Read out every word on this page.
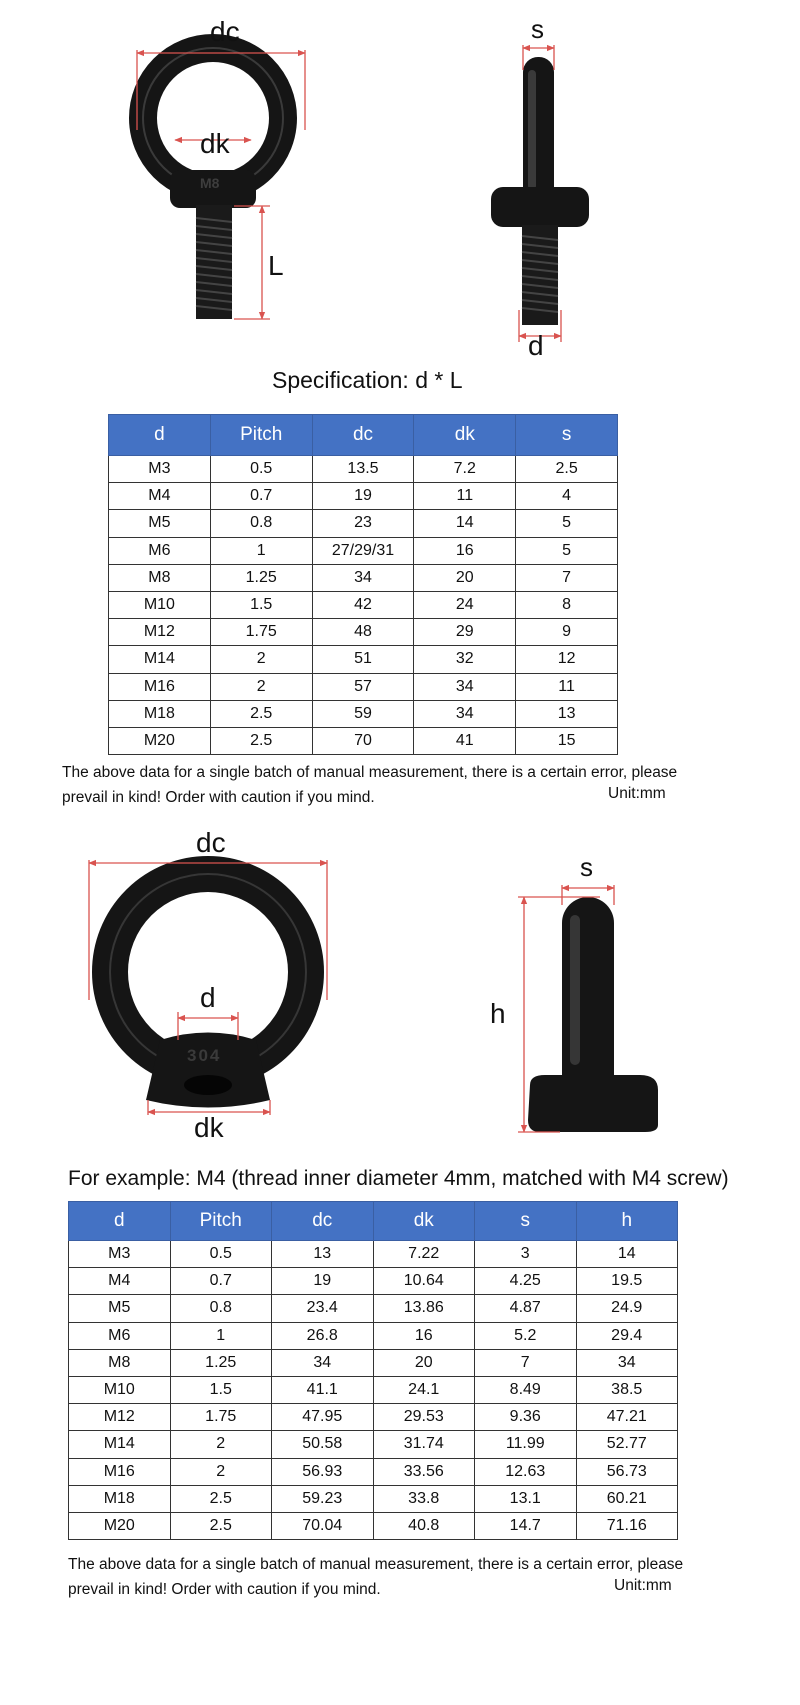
dc
dk
L
s
d
M8
Specification: d * L
d	Pitch	dc	dk	s
M3	0.5	13.5	7.2	2.5
M4	0.7	19	11	4
M5	0.8	23	14	5
M6	1	27/29/31	16	5
M8	1.25	34	20	7
M10	1.5	42	24	8
M12	1.75	48	29	9
M14	2	51	32	12
M16	2	57	34	11
M18	2.5	59	34	13
M20	2.5	70	41	15
The above data for a single batch of manual measurement, there is a certain error, please
prevail in kind! Order with caution if you mind.	Unit:mm
dc
d
dk
s
h
304
For example: M4 (thread inner diameter 4mm, matched with M4 screw)
d	Pitch	dc	dk	s	h
M3	0.5	13	7.22	3	14
M4	0.7	19	10.64	4.25	19.5
M5	0.8	23.4	13.86	4.87	24.9
M6	1	26.8	16	5.2	29.4
M8	1.25	34	20	7	34
M10	1.5	41.1	24.1	8.49	38.5
M12	1.75	47.95	29.53	9.36	47.21
M14	2	50.58	31.74	11.99	52.77
M16	2	56.93	33.56	12.63	56.73
M18	2.5	59.23	33.8	13.1	60.21
M20	2.5	70.04	40.8	14.7	71.16
The above data for a single batch of manual measurement, there is a certain error, please
prevail in kind! Order with caution if you mind.	Unit:mm
